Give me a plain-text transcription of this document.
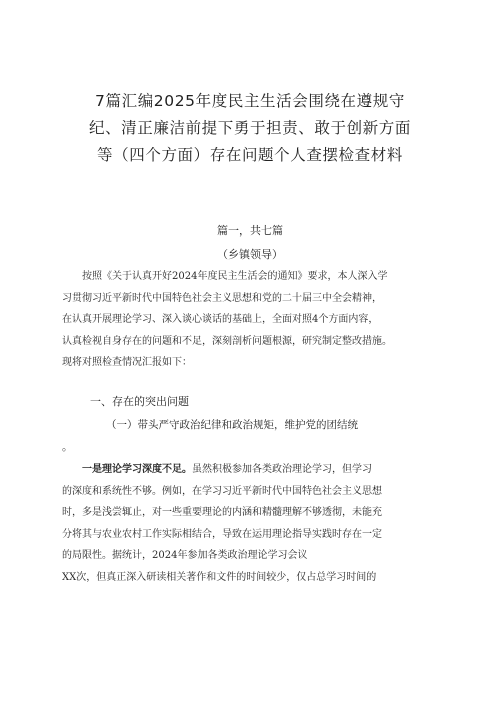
7篇汇编2025年度民主生活会围绕在遵规守
纪、清正廉洁前提下勇于担责、敢于创新方面
等（四个方面）存在问题个人查摆检查材料
篇一，共七篇
（乡镇领导）

按照《关于认真开好2024年度民主生活会的通知》要求，本人深入学
习贯彻习近平新时代中国特色社会主义思想和党的二十届三中全会精神，
在认真开展理论学习、深入谈心谈话的基础上，全面对照4个方面内容，
认真检视自身存在的问题和不足，深刻剖析问题根源，研究制定整改措施。
现将对照检查情况汇报如下：

一、存在的突出问题
（一）带头严守政治纪律和政治规矩，维护党的团结统
。

一是理论学习深度不足。虽然积极参加各类政治理论学习，但学习
的深度和系统性不够。例如，在学习习近平新时代中国特色社会主义思想
时，多是浅尝辄止，对一些重要理论的内涵和精髓理解不够透彻，未能充
分将其与农业农村工作实际相结合，导致在运用理论指导实践时存在一定
的局限性。据统计，2024年参加各类政治理论学习会议
XX次，但真正深入研读相关著作和文件的时间较少，仅占总学习时间的
